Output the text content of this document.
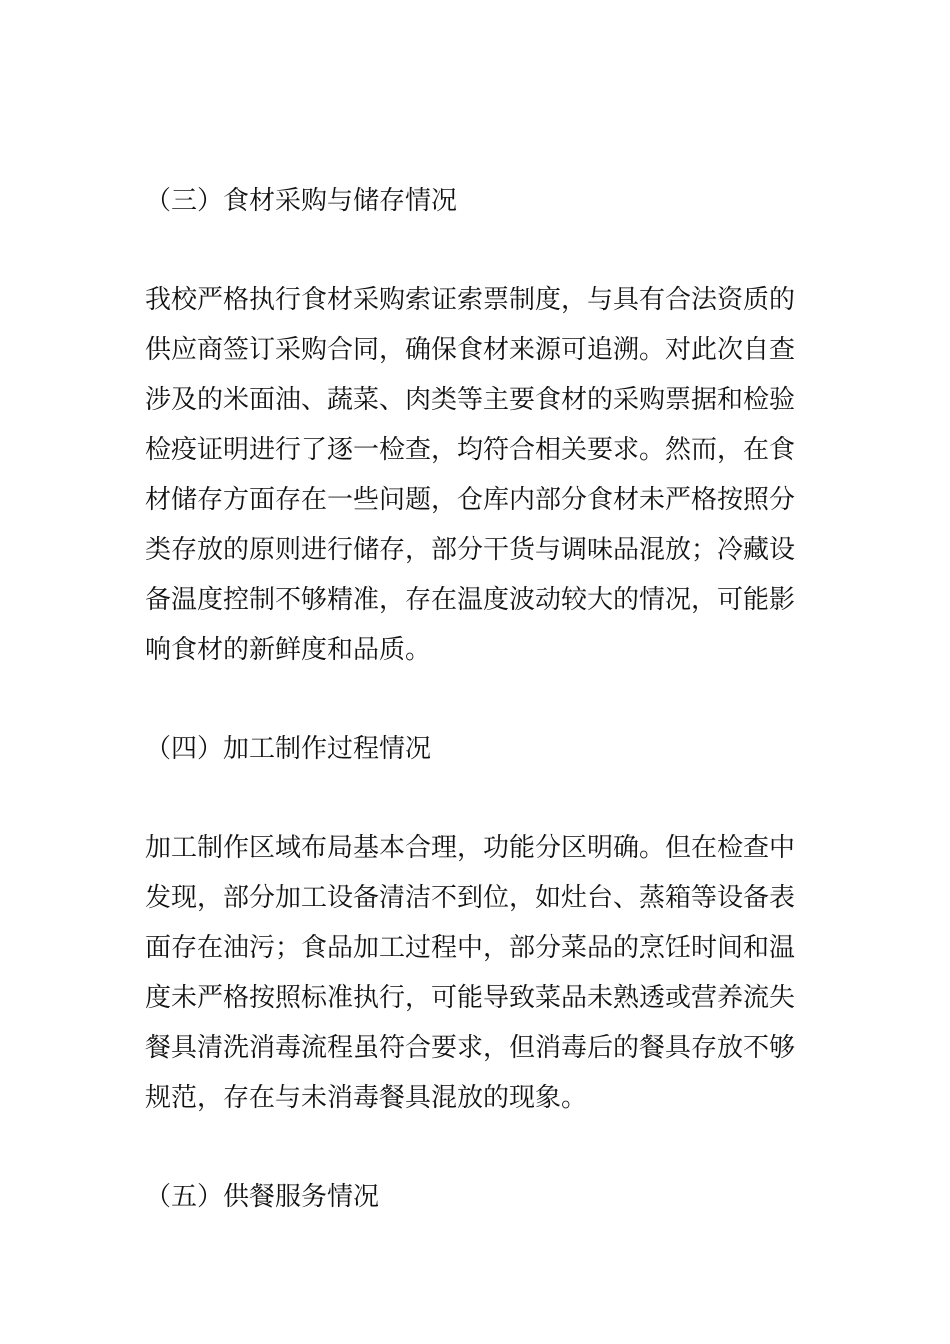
（三）食材采购与储存情况

我校严格执行食材采购索证索票制度，与具有合法资质的

供应商签订采购合同，确保食材来源可追溯。对此次自查

涉及的米面油、蔬菜、肉类等主要食材的采购票据和检验

检疫证明进行了逐一检查，均符合相关要求。然而，在食

材储存方面存在一些问题，仓库内部分食材未严格按照分

类存放的原则进行储存，部分干货与调味品混放；冷藏设

备温度控制不够精准，存在温度波动较大的情况，可能影

响食材的新鲜度和品质。

（四）加工制作过程情况

加工制作区域布局基本合理，功能分区明确。但在检查中

发现，部分加工设备清洁不到位，如灶台、蒸箱等设备表

面存在油污；食品加工过程中，部分菜品的烹饪时间和温

度未严格按照标准执行，可能导致菜品未熟透或营养流失

餐具清洗消毒流程虽符合要求，但消毒后的餐具存放不够

规范，存在与未消毒餐具混放的现象。

（五）供餐服务情况
